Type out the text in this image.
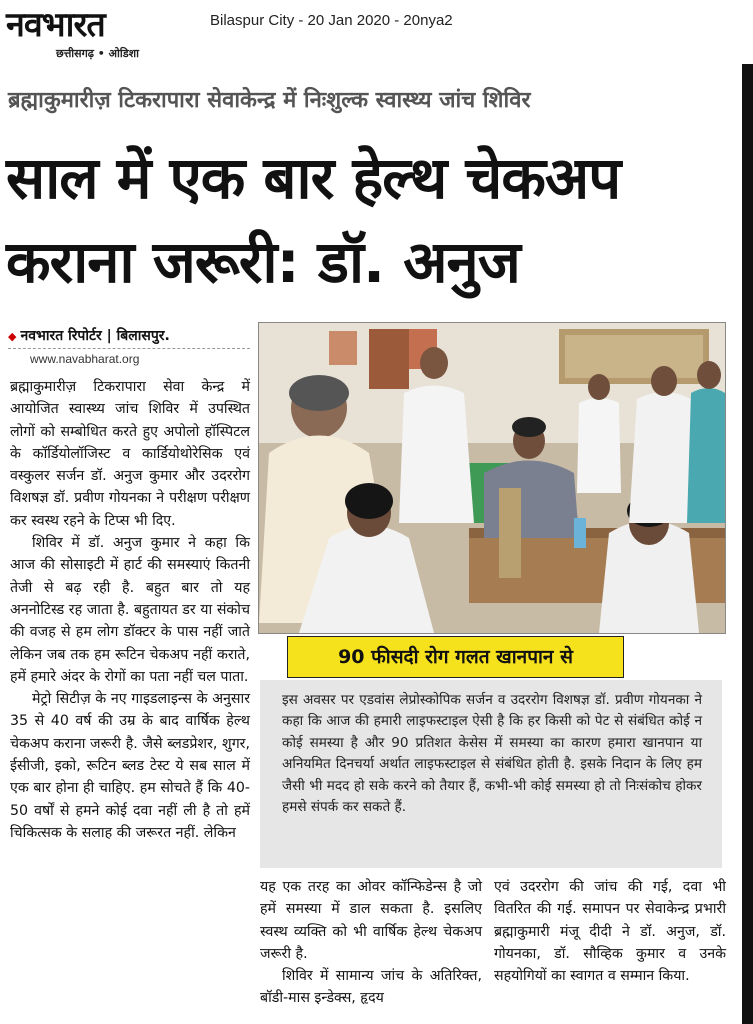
नवभारत
छत्तीसगढ़ • ओडिशा
Bilaspur City - 20 Jan 2020 - 20nya2
ब्रह्माकुमारीज़ टिकरापारा सेवाकेन्द्र में निःशुल्क स्वास्थ्य जांच शिविर
साल में एक बार हेल्थ चेकअप
कराना जरूरी: डॉ. अनुज
◆ नवभारत रिपोर्टर | बिलासपुर.
www.navabharat.org

ब्रह्माकुमारीज़ टिकरापारा सेवा केन्द्र में आयोजित स्वास्थ्य जांच शिविर में उपस्थित लोगों को सम्बोधित करते हुए अपोलो हॉस्पिटल के कॉर्डियोलॉजिस्ट व कार्डियोथोरेसिक एवं वस्कुलर सर्जन डॉ. अनुज कुमार और उदररोग विशषज्ञ डॉ. प्रवीण गोयनका ने परीक्षण परीक्षण कर स्वस्थ रहने के टिप्स भी दिए.

शिविर में डॉ. अनुज कुमार ने कहा कि आज की सोसाइटी में हार्ट की समस्याएं कितनी तेजी से बढ़ रही है. बहुत बार तो यह अननोटिस्ड रह जाता है. बहुतायत डर या संकोच की वजह से हम लोग डॉक्टर के पास नहीं जाते लेकिन जब तक हम रूटिन चेकअप नहीं कराते, हमें हमारे अंदर के रोगों का पता नहीं चल पाता.

मेट्रो सिटीज़ के नए गाइडलाइन्स के अनुसार 35 से 40 वर्ष की उम्र के बाद वार्षिक हेल्थ चेकअप कराना जरूरी है. जैसे ब्लडप्रेशर, शुगर, ईसीजी, इको, रूटिन ब्लड टेस्ट ये सब साल में एक बार होना ही चाहिए. हम सोचते हैं कि 40-50 वर्षों से हमने कोई दवा नहीं ली है तो हमें चिकित्सक के सलाह की जरूरत नहीं. लेकिन

90 फीसदी रोग गलत खानपान से
इस अवसर पर एडवांस लेप्रोस्कोपिक सर्जन व उदररोग विशषज्ञ डॉ. प्रवीण गोयनका ने कहा कि आज की हमारी लाइफस्टाइल ऐसी है कि हर किसी को पेट से संबंधित कोई न कोई समस्या है और 90 प्रतिशत केसेस में समस्या का कारण हमारा खानपान या अनियमित दिनचर्या अर्थात लाइफस्टाइल से संबंधित होती है. इसके निदान के लिए हम जैसी भी मदद हो सके करने को तैयार हैं, कभी-भी कोई समस्या हो तो निःसंकोच होकर हमसे संपर्क कर सकते हैं.

यह एक तरह का ओवर कॉन्फिडेन्स है जो हमें समस्या में डाल सकता है. इसलिए स्वस्थ व्यक्ति को भी वार्षिक हेल्थ चेकअप जरूरी है.

शिविर में सामान्य जांच के अतिरिक्त, बॉडी-मास इन्डेक्स, हृदय

एवं उदररोग की जांच की गई, दवा भी वितरित की गई. समापन पर सेवाकेन्द्र प्रभारी ब्रह्माकुमारी मंजू दीदी ने डॉ. अनुज, डॉ. गोयनका, डॉ. सौव्हिक कुमार व उनके सहयोगियों का स्वागत व सम्मान किया.
